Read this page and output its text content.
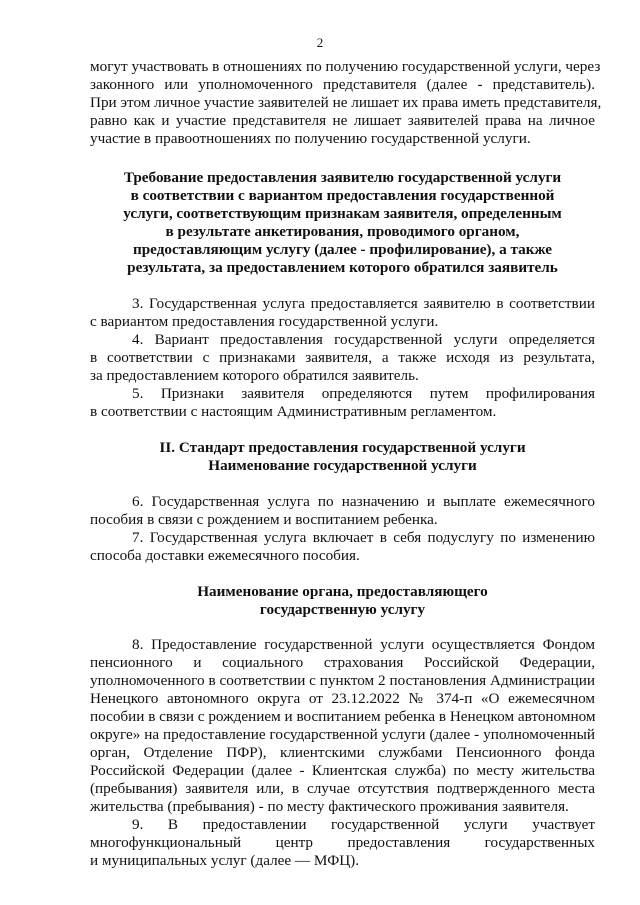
2
могут участвовать в отношениях по получению государственной услуги, через
законного или уполномоченного представителя (далее - представитель).
При этом личное участие заявителей не лишает их права иметь представителя,
равно как и участие представителя не лишает заявителей права на личное
участие в правоотношениях по получению государственной услуги.
Требование предоставления заявителю государственной услуги
в соответствии с вариантом предоставления государственной
услуги, соответствующим признакам заявителя, определенным
в результате анкетирования, проводимого органом,
предоставляющим услугу (далее - профилирование), а также
результата, за предоставлением которого обратился заявитель
3. Государственная услуга предоставляется заявителю в соответствии
с вариантом предоставления государственной услуги.
4. Вариант предоставления государственной услуги определяется
в соответствии с признаками заявителя, а также исходя из результата,
за предоставлением которого обратился заявитель.
5. Признаки заявителя определяются путем профилирования
в соответствии с настоящим Административным регламентом.
II. Стандарт предоставления государственной услуги
Наименование государственной услуги
6. Государственная услуга по назначению и выплате ежемесячного
пособия в связи с рождением и воспитанием ребенка.
7. Государственная услуга включает в себя подуслугу по изменению
способа доставки ежемесячного пособия.
Наименование органа, предоставляющего
государственную услугу
8. Предоставление государственной услуги осуществляется Фондом
пенсионного и социального страхования Российской Федерации,
уполномоченного в соответствии с пунктом 2 постановления Администрации
Ненецкого автономного округа от 23.12.2022 № 374-п «О ежемесячном
пособии в связи с рождением и воспитанием ребенка в Ненецком автономном
округе» на предоставление государственной услуги (далее - уполномоченный
орган, Отделение ПФР), клиентскими службами Пенсионного фонда
Российской Федерации (далее - Клиентская служба) по месту жительства
(пребывания) заявителя или, в случае отсутствия подтвержденного места
жительства (пребывания) - по месту фактического проживания заявителя.
9. В предоставлении государственной услуги участвует
многофункциональный центр предоставления государственных
и муниципальных услуг (далее — МФЦ).
